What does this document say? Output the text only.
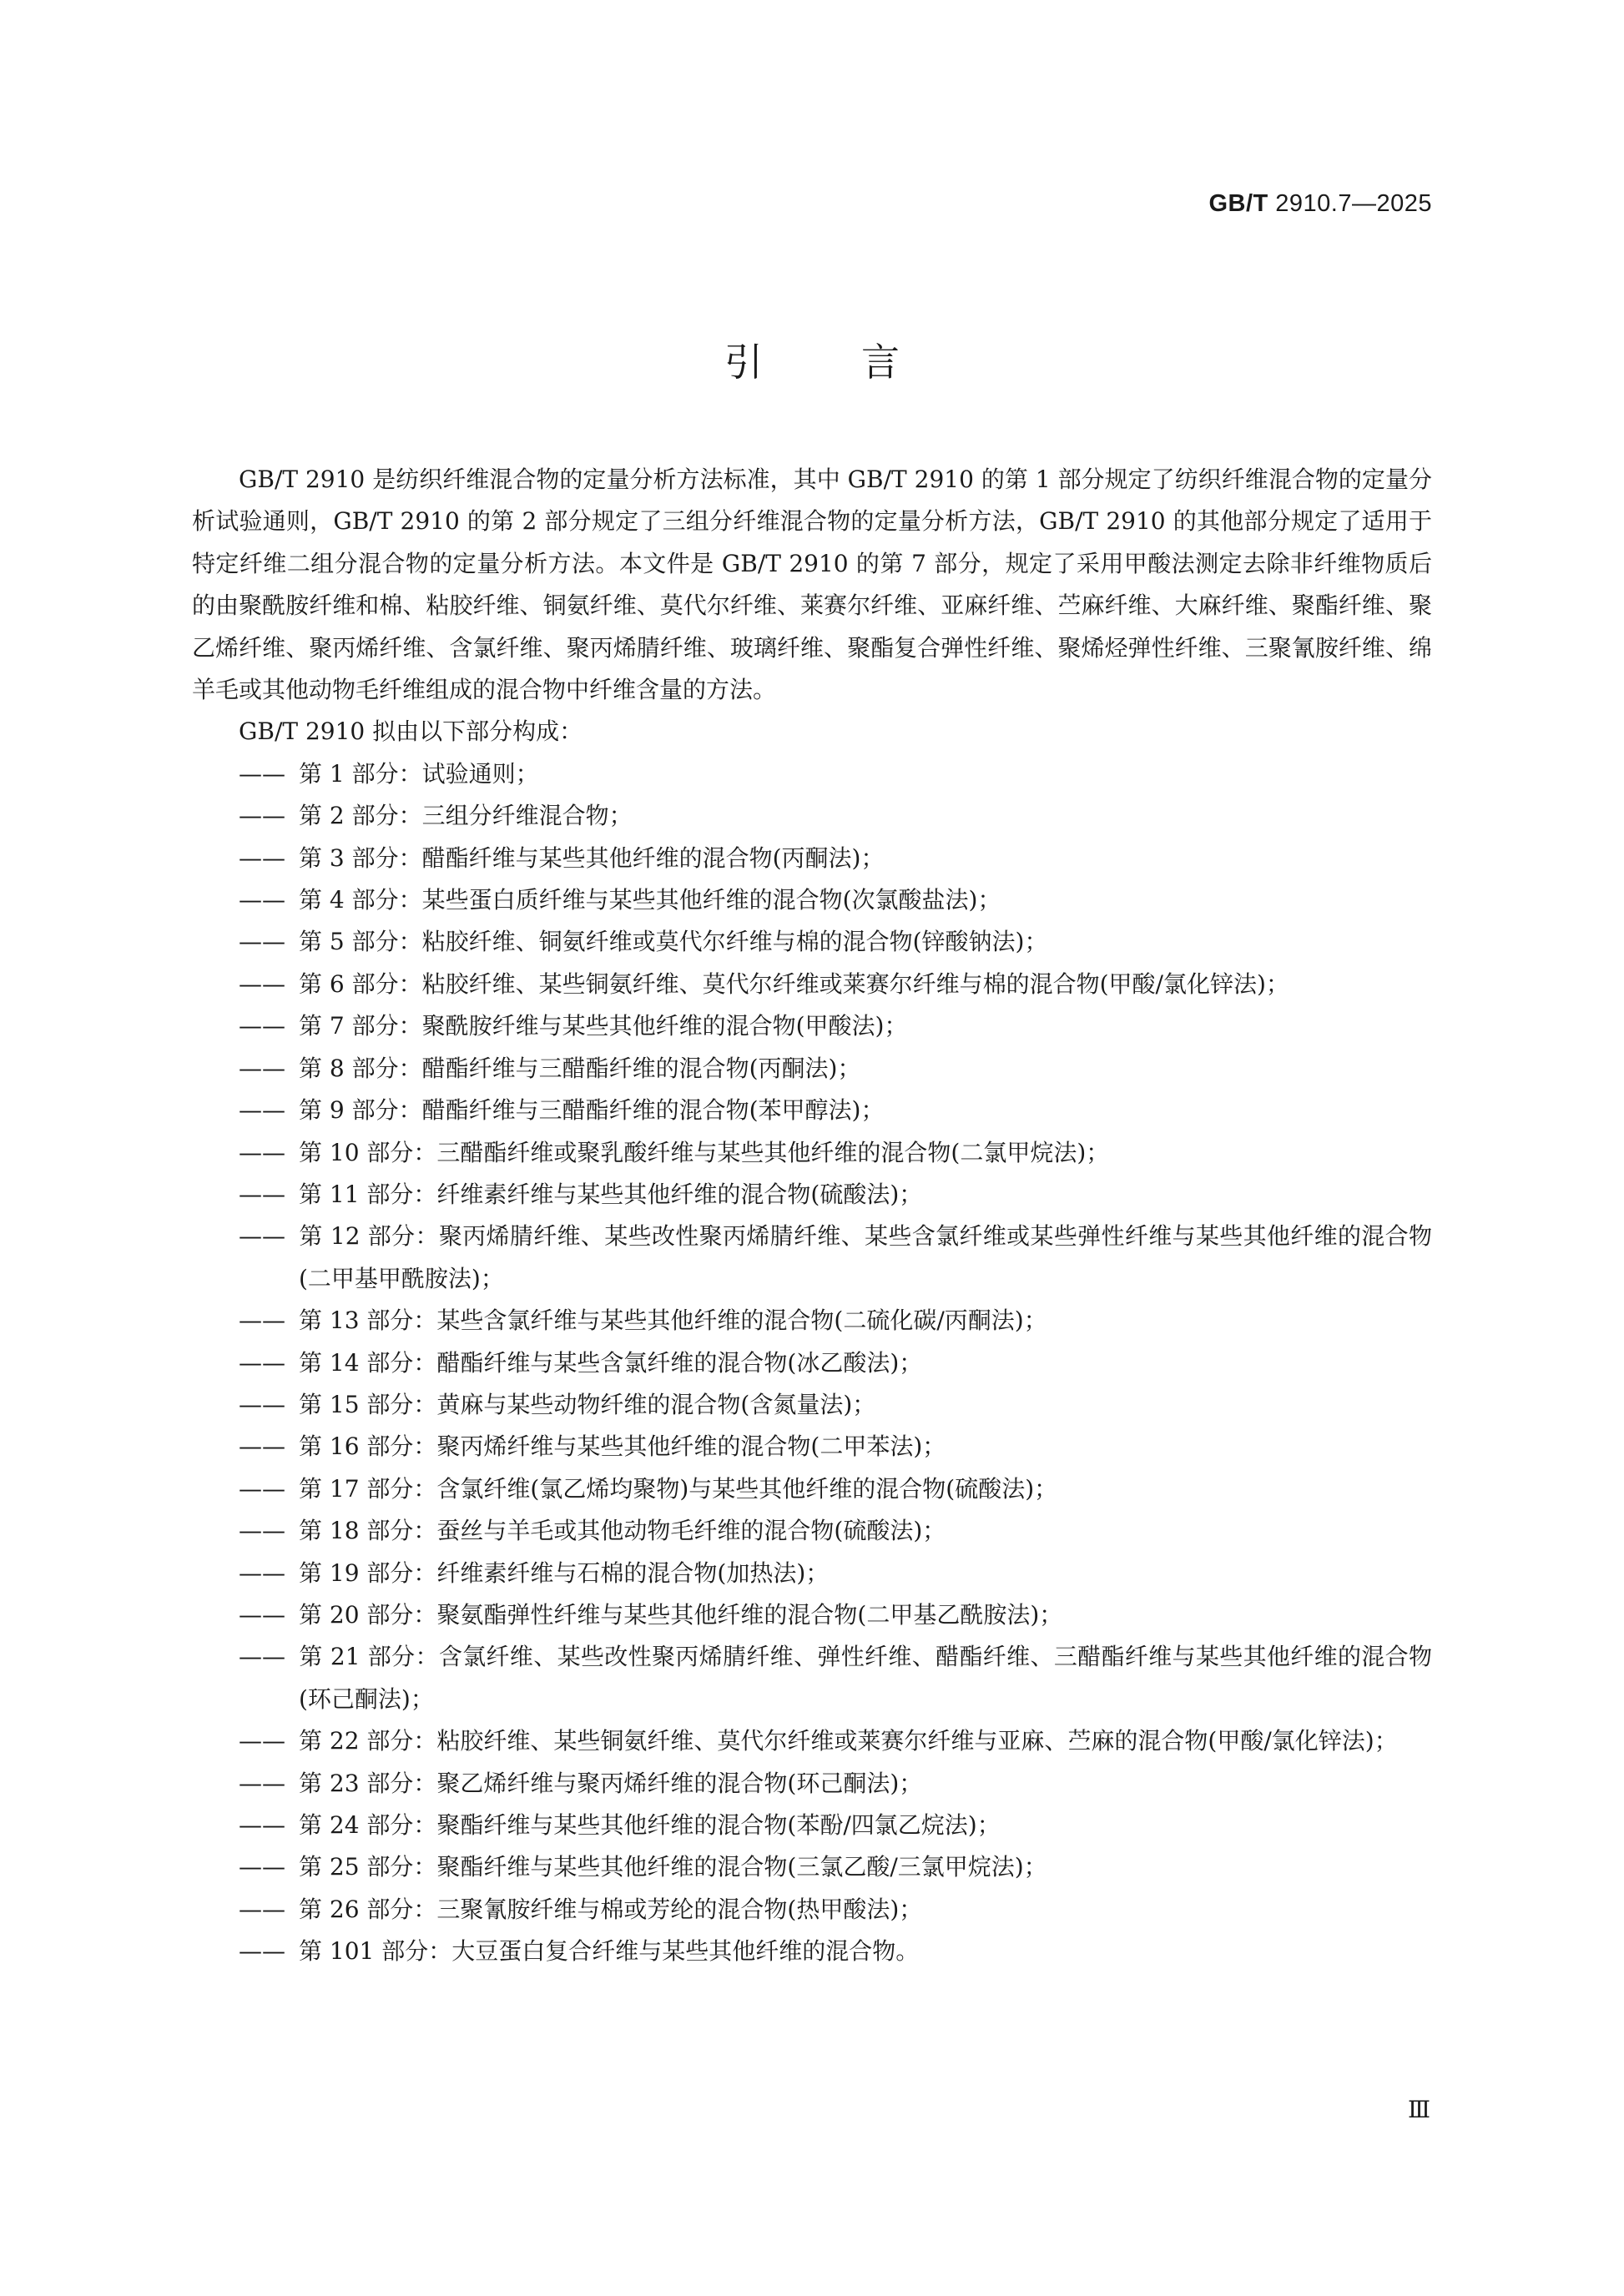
GB/T 2910.7—2025
引言

GB/T 2910 是纺织纤维混合物的定量分析方法标准，其中 GB/T 2910 的第 1 部分规定了纺织纤维混合物的定量分析试验通则，GB/T 2910 的第 2 部分规定了三组分纤维混合物的定量分析方法，GB/T 2910 的其他部分规定了适用于特定纤维二组分混合物的定量分析方法。本文件是 GB/T 2910 的第 7 部分，规定了采用甲酸法测定去除非纤维物质后的由聚酰胺纤维和棉、粘胶纤维、铜氨纤维、莫代尔纤维、莱赛尔纤维、亚麻纤维、苎麻纤维、大麻纤维、聚酯纤维、聚乙烯纤维、聚丙烯纤维、含氯纤维、聚丙烯腈纤维、玻璃纤维、聚酯复合弹性纤维、聚烯烃弹性纤维、三聚氰胺纤维、绵羊毛或其他动物毛纤维组成的混合物中纤维含量的方法。

GB/T 2910 拟由以下部分构成：

—— 第 1 部分：试验通则；
—— 第 2 部分：三组分纤维混合物；
—— 第 3 部分：醋酯纤维与某些其他纤维的混合物(丙酮法)；
—— 第 4 部分：某些蛋白质纤维与某些其他纤维的混合物(次氯酸盐法)；
—— 第 5 部分：粘胶纤维、铜氨纤维或莫代尔纤维与棉的混合物(锌酸钠法)；
—— 第 6 部分：粘胶纤维、某些铜氨纤维、莫代尔纤维或莱赛尔纤维与棉的混合物(甲酸/氯化锌法)；
—— 第 7 部分：聚酰胺纤维与某些其他纤维的混合物(甲酸法)；
—— 第 8 部分：醋酯纤维与三醋酯纤维的混合物(丙酮法)；
—— 第 9 部分：醋酯纤维与三醋酯纤维的混合物(苯甲醇法)；
—— 第 10 部分：三醋酯纤维或聚乳酸纤维与某些其他纤维的混合物(二氯甲烷法)；
—— 第 11 部分：纤维素纤维与某些其他纤维的混合物(硫酸法)；
—— 第 12 部分：聚丙烯腈纤维、某些改性聚丙烯腈纤维、某些含氯纤维或某些弹性纤维与某些其他纤维的混合物(二甲基甲酰胺法)；
—— 第 13 部分：某些含氯纤维与某些其他纤维的混合物(二硫化碳/丙酮法)；
—— 第 14 部分：醋酯纤维与某些含氯纤维的混合物(冰乙酸法)；
—— 第 15 部分：黄麻与某些动物纤维的混合物(含氮量法)；
—— 第 16 部分：聚丙烯纤维与某些其他纤维的混合物(二甲苯法)；
—— 第 17 部分：含氯纤维(氯乙烯均聚物)与某些其他纤维的混合物(硫酸法)；
—— 第 18 部分：蚕丝与羊毛或其他动物毛纤维的混合物(硫酸法)；
—— 第 19 部分：纤维素纤维与石棉的混合物(加热法)；
—— 第 20 部分：聚氨酯弹性纤维与某些其他纤维的混合物(二甲基乙酰胺法)；
—— 第 21 部分：含氯纤维、某些改性聚丙烯腈纤维、弹性纤维、醋酯纤维、三醋酯纤维与某些其他纤维的混合物(环己酮法)；
—— 第 22 部分：粘胶纤维、某些铜氨纤维、莫代尔纤维或莱赛尔纤维与亚麻、苎麻的混合物(甲酸/氯化锌法)；
—— 第 23 部分：聚乙烯纤维与聚丙烯纤维的混合物(环己酮法)；
—— 第 24 部分：聚酯纤维与某些其他纤维的混合物(苯酚/四氯乙烷法)；
—— 第 25 部分：聚酯纤维与某些其他纤维的混合物(三氯乙酸/三氯甲烷法)；
—— 第 26 部分：三聚氰胺纤维与棉或芳纶的混合物(热甲酸法)；
—— 第 101 部分：大豆蛋白复合纤维与某些其他纤维的混合物。
Ⅲ
